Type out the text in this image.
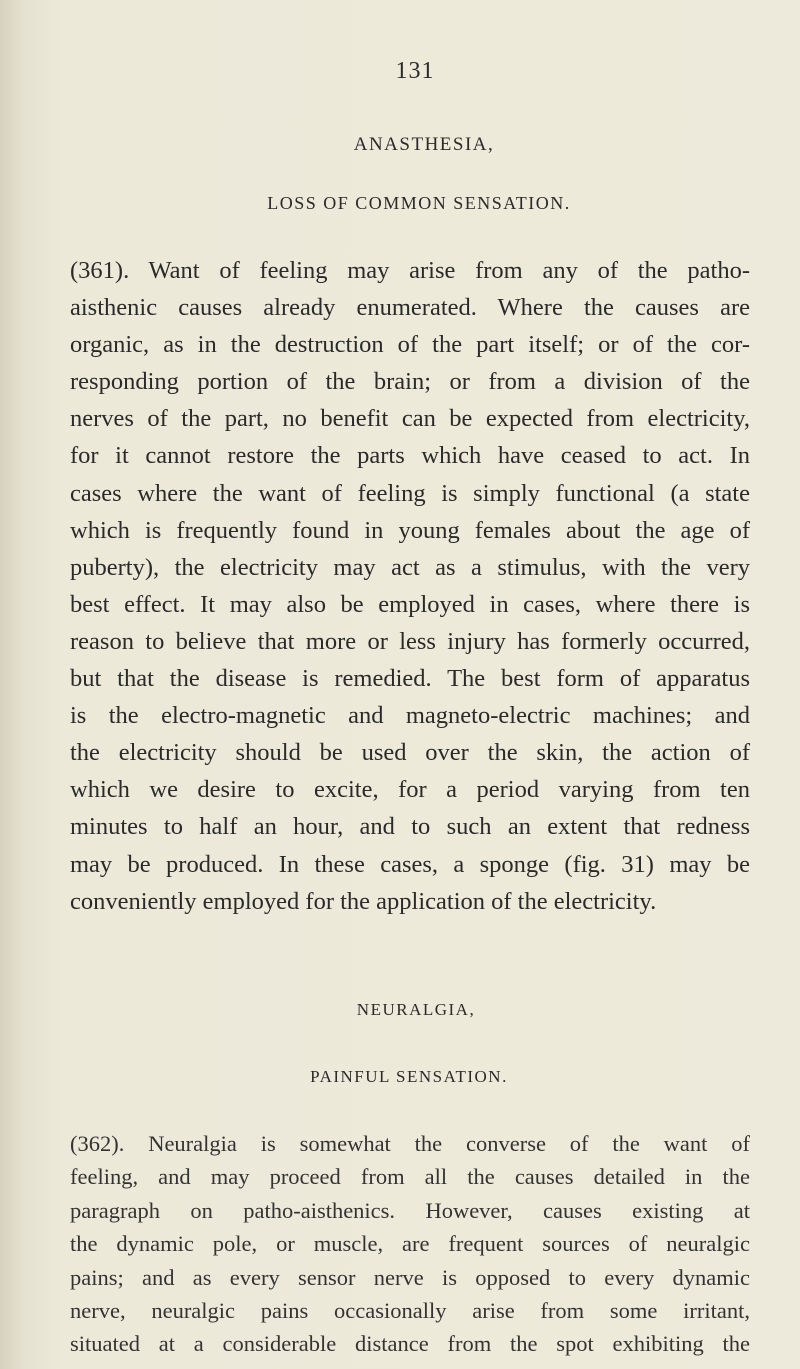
131
ANASTHESIA,
LOSS OF COMMON SENSATION.
(361). Want of feeling may arise from any of the patho-
aisthenic causes already enumerated. Where the causes are
organic, as in the destruction of the part itself; or of the cor-
responding portion of the brain; or from a division of the
nerves of the part, no benefit can be expected from electricity,
for it cannot restore the parts which have ceased to act. In
cases where the want of feeling is simply functional (a state
which is frequently found in young females about the age of
puberty), the electricity may act as a stimulus, with the very
best effect. It may also be employed in cases, where there is
reason to believe that more or less injury has formerly occurred,
but that the disease is remedied. The best form of apparatus
is the electro-magnetic and magneto-electric machines; and
the electricity should be used over the skin, the action of
which we desire to excite, for a period varying from ten
minutes to half an hour, and to such an extent that redness
may be produced. In these cases, a sponge (fig. 31) may be
conveniently employed for the application of the electricity.
NEURALGIA,
PAINFUL SENSATION.
(362). Neuralgia is somewhat the converse of the want of
feeling, and may proceed from all the causes detailed in the
paragraph on patho-aisthenics. However, causes existing at
the dynamic pole, or muscle, are frequent sources of neuralgic
pains; and as every sensor nerve is opposed to every dynamic
nerve, neuralgic pains occasionally arise from some irritant,
situated at a considerable distance from the spot exhibiting the
